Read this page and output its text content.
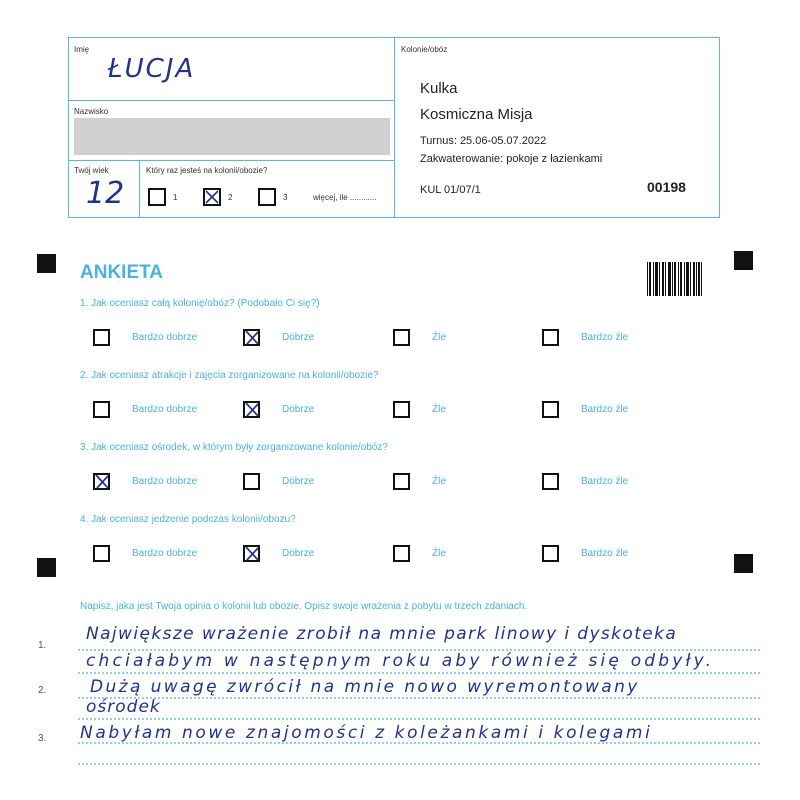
Imię
ŁUCJA
Nazwisko
Twój wiek
12
Który raz jesteś na kolonii/obozie?
1	2	3	więcej, ile ............
Kolonie/obóz
Kulka
Kosmiczna Misja
Turnus: 25.06-05.07.2022
Zakwaterowanie: pokoje z łazienkami
KUL 01/07/1	00198
ANKIETA
1. Jak oceniasz całą kolonię/obóz? (Podobało Ci się?)
Bardzo dobrze	Dobrze	Źle	Bardzo źle
2. Jak oceniasz atrakcje i zajęcia zorganizowane na kolonii/obozie?
Bardzo dobrze	Dobrze	Źle	Bardzo źle
3. Jak oceniasz ośrodek, w którym były zorganizowane kolonie/obóz?
Bardzo dobrze	Dobrze	Źle	Bardzo źle
4. Jak oceniasz jedzenie podczas kolonii/obozu?
Bardzo dobrze	Dobrze	Źle	Bardzo źle
Napisz, jaka jest Twoja opinia o kolonii lub obozie. Opisz swoje wrażenia z pobytu w trzech zdaniach.
1.
2.
3.
Największe wrażenie zrobił na mnie park linowy i dyskoteka
chciałabym w następnym roku aby również się odbyły.
Dużą uwagę zwrócił na mnie nowo wyremontowany
ośrodek
Nabyłam nowe znajomości z koleżankami i kolegami
